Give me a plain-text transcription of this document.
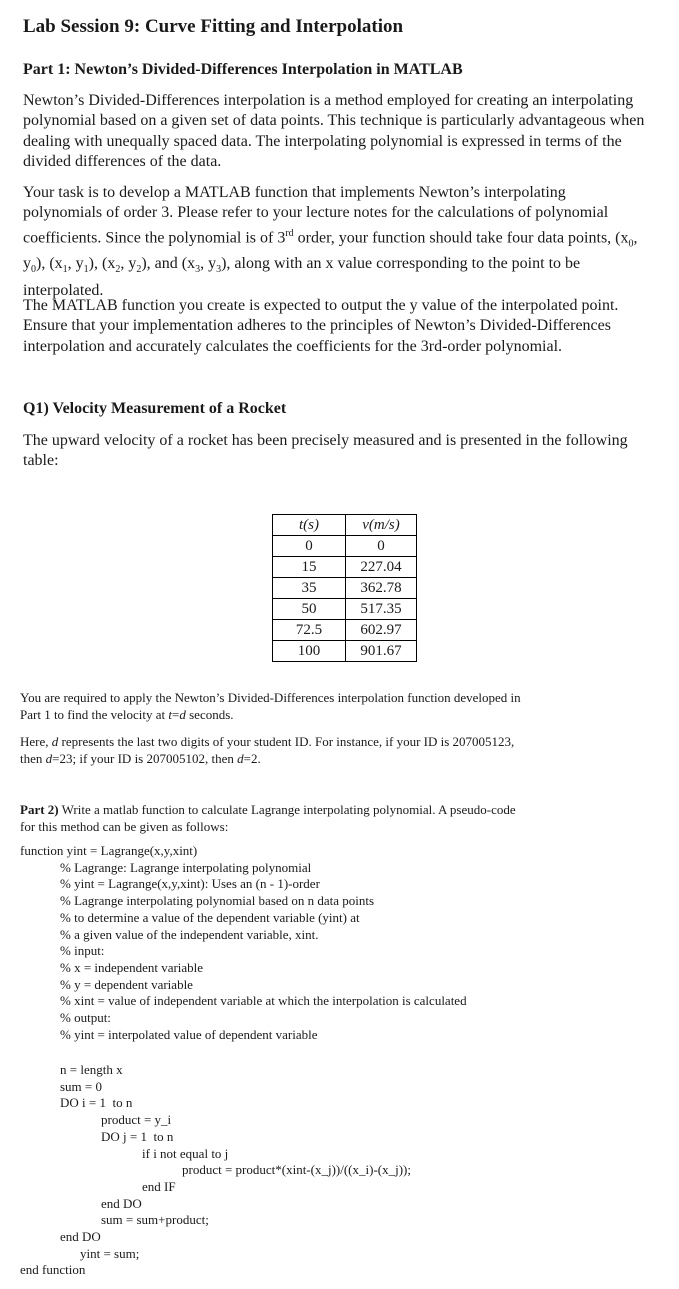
Lab Session 9: Curve Fitting and Interpolation
Part 1: Newton’s Divided-Differences Interpolation in MATLAB

Newton’s Divided-Differences interpolation is a method employed for creating an interpolating

polynomial based on a given set of data points. This technique is particularly advantageous when

dealing with unequally spaced data. The interpolating polynomial is expressed in terms of the

divided differences of the data.

Your task is to develop a MATLAB function that implements Newton’s interpolating

polynomials of order 3. Please refer to your lecture notes for the calculations of polynomial

coefficients. Since the polynomial is of 3rd order, your function should take four data points, ($x_0$,

$y_0$), ($x_1$, $y_1$), ($x_2$, $y_2$), and ($x_3$, $y_3$), along with an x value corresponding to the point to be

interpolated.

The MATLAB function you create is expected to output the y value of the interpolated point.

Ensure that your implementation adheres to the principles of Newton’s Divided-Differences

interpolation and accurately calculates the coefficients for the 3rd-order polynomial.

Q1) Velocity Measurement of a Rocket

The upward velocity of a rocket has been precisely measured and is presented in the following

table:

t(s)	v(m/s)
0	0
15	227.04
35	362.78
50	517.35
72.5	602.97
100	901.67

You are required to apply the Newton’s Divided-Differences interpolation function developed in

Part 1 to find the velocity at t=d seconds.

Here, d represents the last two digits of your student ID. For instance, if your ID is 207005123,

then d=23; if your ID is 207005102, then d=2.

Part 2) Write a matlab function to calculate Lagrange interpolating polynomial. A pseudo-code

for this method can be given as follows:

function yint = Lagrange(x,y,xint)

% Lagrange: Lagrange interpolating polynomial

% yint = Lagrange(x,y,xint): Uses an (n - 1)-order

% Lagrange interpolating polynomial based on n data points

% to determine a value of the dependent variable (yint) at

% a given value of the independent variable, xint.

% input:

% x = independent variable

% y = dependent variable

% xint = value of independent variable at which the interpolation is calculated

% output:

% yint = interpolated value of dependent variable

n = length x

sum = 0

DO i = 1  to n

product = y_i

DO j = 1  to n

if i not equal to j

product = product*(xint-(x_j))/((x_i)-(x_j));

end IF

end DO

sum = sum+product;

end DO

yint = sum;

end function
